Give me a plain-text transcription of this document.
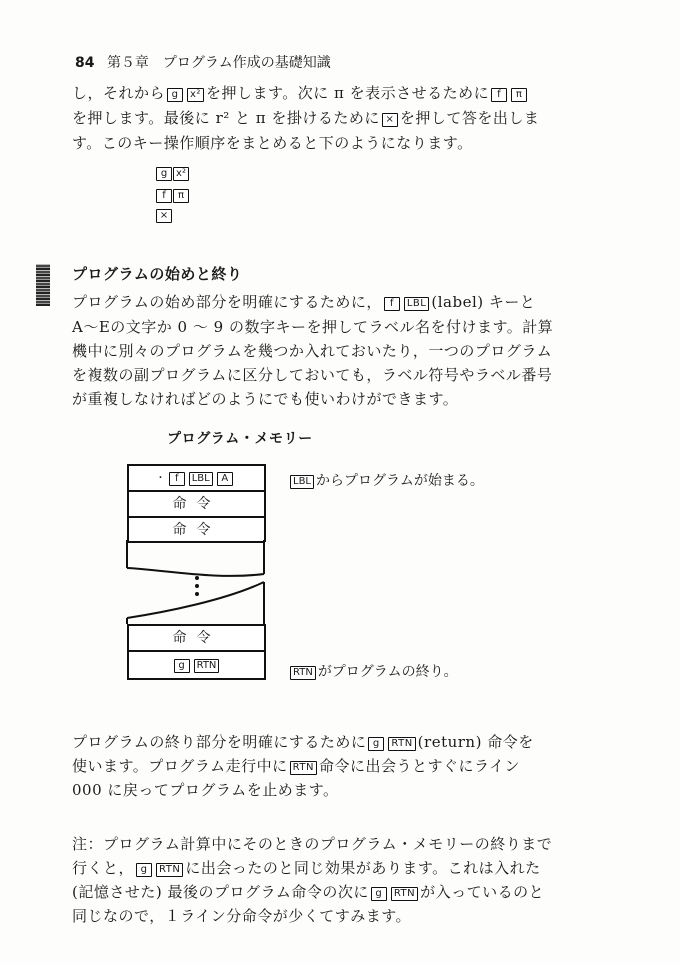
84 第５章　プログラム作成の基礎知識
し，それから g x² を押します。次に π を表示させるために f π
を押します。最後に r² と π を掛けるために × を押して答を出しま
す。このキー操作順序をまとめると下のようになります。
g x²
f π
×
プログラムの始めと終り
プログラムの始め部分を明確にするために， f LBL (label) キーと
A～Eの文字か 0 ～ 9 の数字キーを押してラベル名を付けます。計算
機中に別々のプログラムを幾つか入れておいたり，一つのプログラム
を複数の副プログラムに区分しておいても，ラベル符号やラベル番号
が重複しなければどのようにでも使いわけができます。
プログラム・メモリー
· f LBL A
命令
命令
命令
g RTN
LBL からプログラムが始まる。
RTN がプログラムの終り。
プログラムの終り部分を明確にするために g RTN (return) 命令を
使います。プログラム走行中に RTN 命令に出会うとすぐにライン
000 に戻ってプログラムを止めます。
注：プログラム計算中にそのときのプログラム・メモリーの終りまで
行くと， g RTN に出会ったのと同じ効果があります。これは入れた
(記憶させた) 最後のプログラム命令の次に g RTN が入っているのと
同じなので，１ライン分命令が少くてすみます。
